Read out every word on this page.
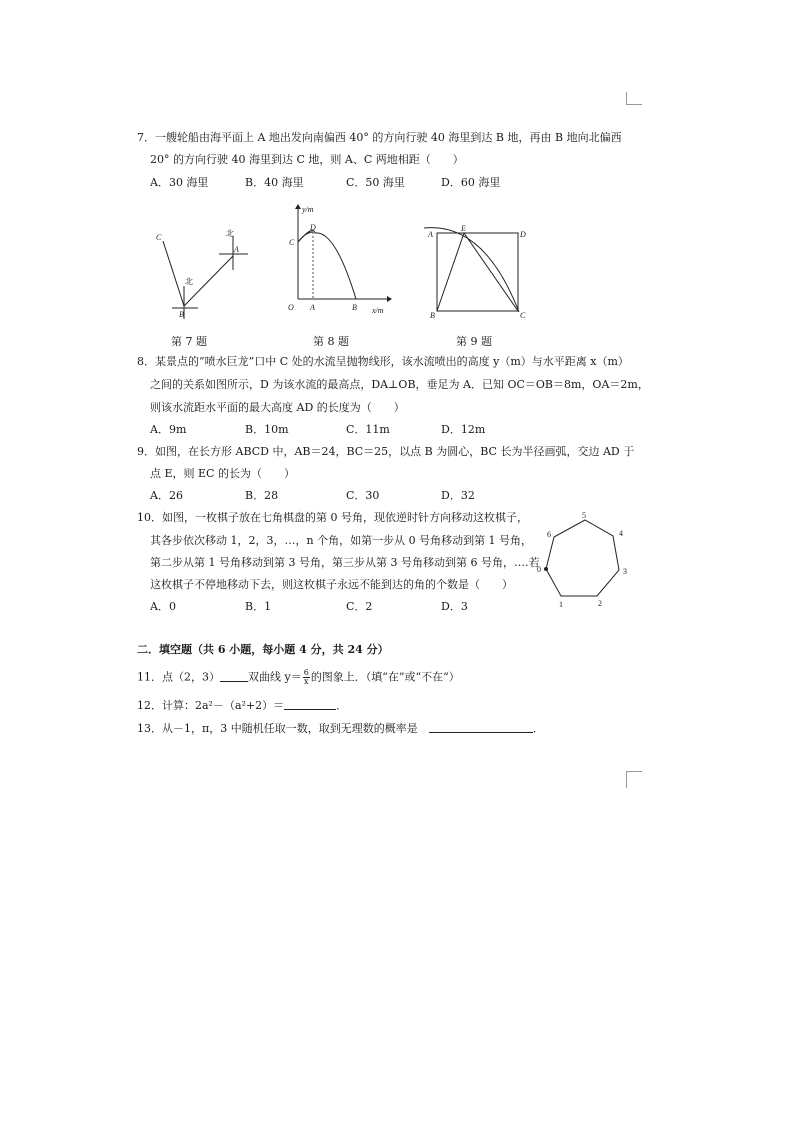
7．一艘轮船由海平面上 A 地出发向南偏西 40° 的方向行驶 40 海里到达 B 地，再由 B 地向北偏西
20° 的方向行驶 40 海里到达 C 地，则 A、C 两地相距（　　）
A．30 海里	B．40 海里	C．50 海里	D．60 海里
C
北
北
A
B
第 7 题
y/m
x/m
D
C
O A	B
第 8 题
A
E
D
B	C
第 9 题
8．某景点的“喷水巨龙”口中 C 处的水流呈抛物线形，该水流喷出的高度 y（m）与水平距离 x（m）
之间的关系如图所示，D 为该水流的最高点，DA⊥OB，垂足为 A．已知 OC＝OB＝8m，OA＝2m，
则该水流距水平面的最大高度 AD 的长度为（　　）
A．9m	B．10m	C．11m	D．12m
9．如图，在长方形 ABCD 中，AB＝24，BC＝25，以点 B 为圆心，BC 长为半径画弧，交边 AD 于
点 E，则 EC 的长为（　　）
A．26	B．28	C．30	D．32
10．如图，一枚棋子放在七角棋盘的第 0 号角，现依逆时针方向移动这枚棋子，
其各步依次移动 1，2，3，…，n 个角，如第一步从 0 号角移动到第 1 号角，
第二步从第 1 号角移动到第 3 号角，第三步从第 3 号角移动到第 6 号角，….若
这枚棋子不停地移动下去，则这枚棋子永远不能到达的角的个数是（　　）
A．0	B．1	C．2	D．3
0
1	2
3
4
5
6
二．填空题（共 6 小题，每小题 4 分，共 24 分）
11．点（2，3）	双曲线 $y= \frac{6}{x}$ 的图象上．（填“在”或“不在”）
12．计算：2a²－（a²+2）＝	．
13．从－1，π，3 中随机任取一数，取到无理数的概率是　	．
